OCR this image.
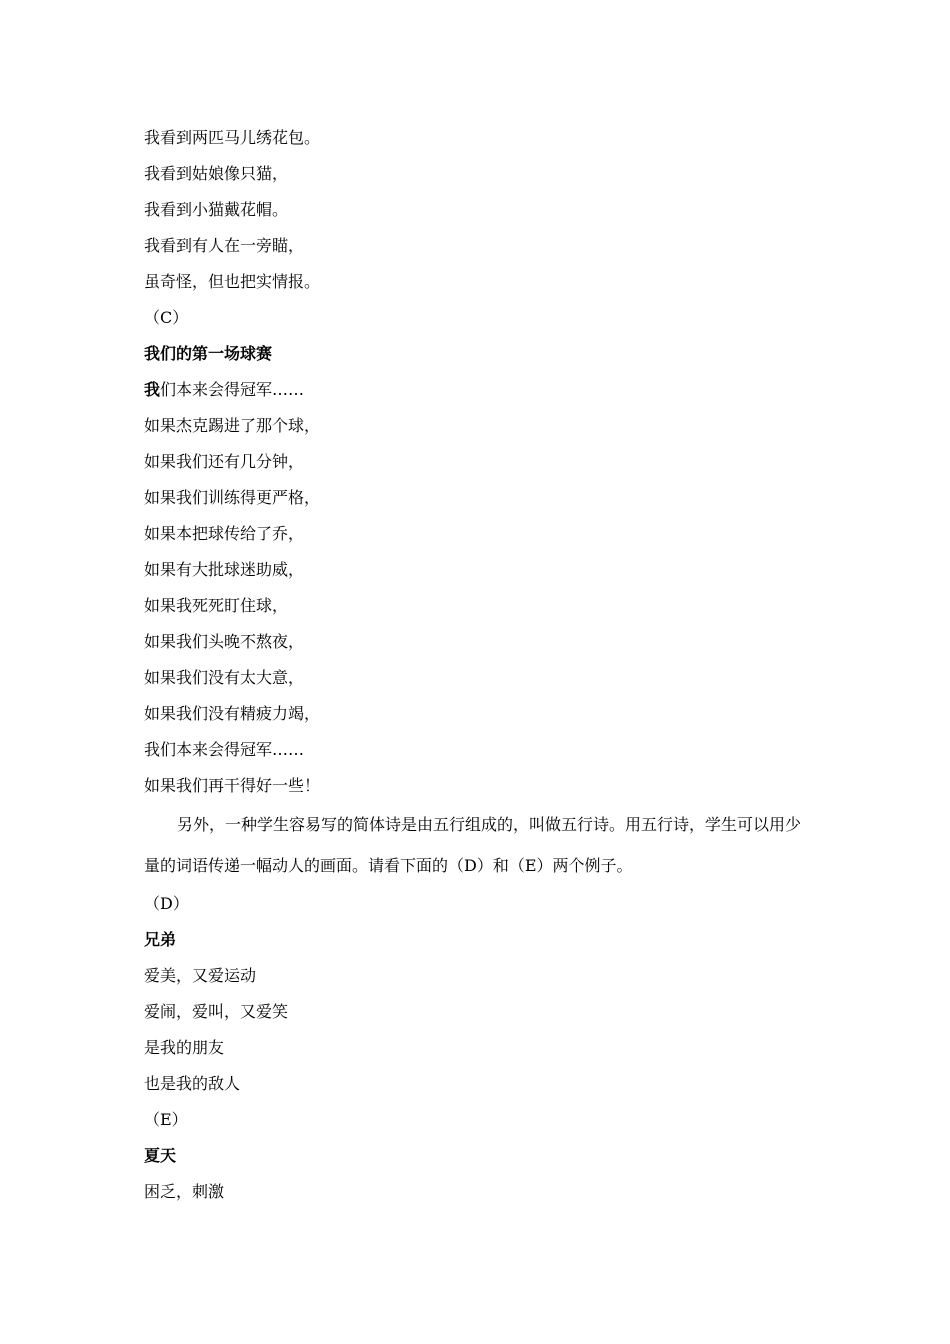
我看到两匹马儿绣花包。
我看到姑娘像只猫，
我看到小猫戴花帽。
我看到有人在一旁瞄，
虽奇怪，但也把实情报。
（C）
我们的第一场球赛
我们本来会得冠军……
如果杰克踢进了那个球，
如果我们还有几分钟，
如果我们训练得更严格，
如果本把球传给了乔，
如果有大批球迷助威，
如果我死死盯住球，
如果我们头晚不熬夜，
如果我们没有太大意，
如果我们没有精疲力竭，
我们本来会得冠军……
如果我们再干得好一些！

另外，一种学生容易写的简体诗是由五行组成的，叫做五行诗。用五行诗，学生可以用少量的词语传递一幅动人的画面。请看下面的（D）和（E）两个例子。

（D）
兄弟
爱美，又爱运动
爱闹，爱叫，又爱笑
是我的朋友
也是我的敌人
（E）
夏天
困乏，刺激
